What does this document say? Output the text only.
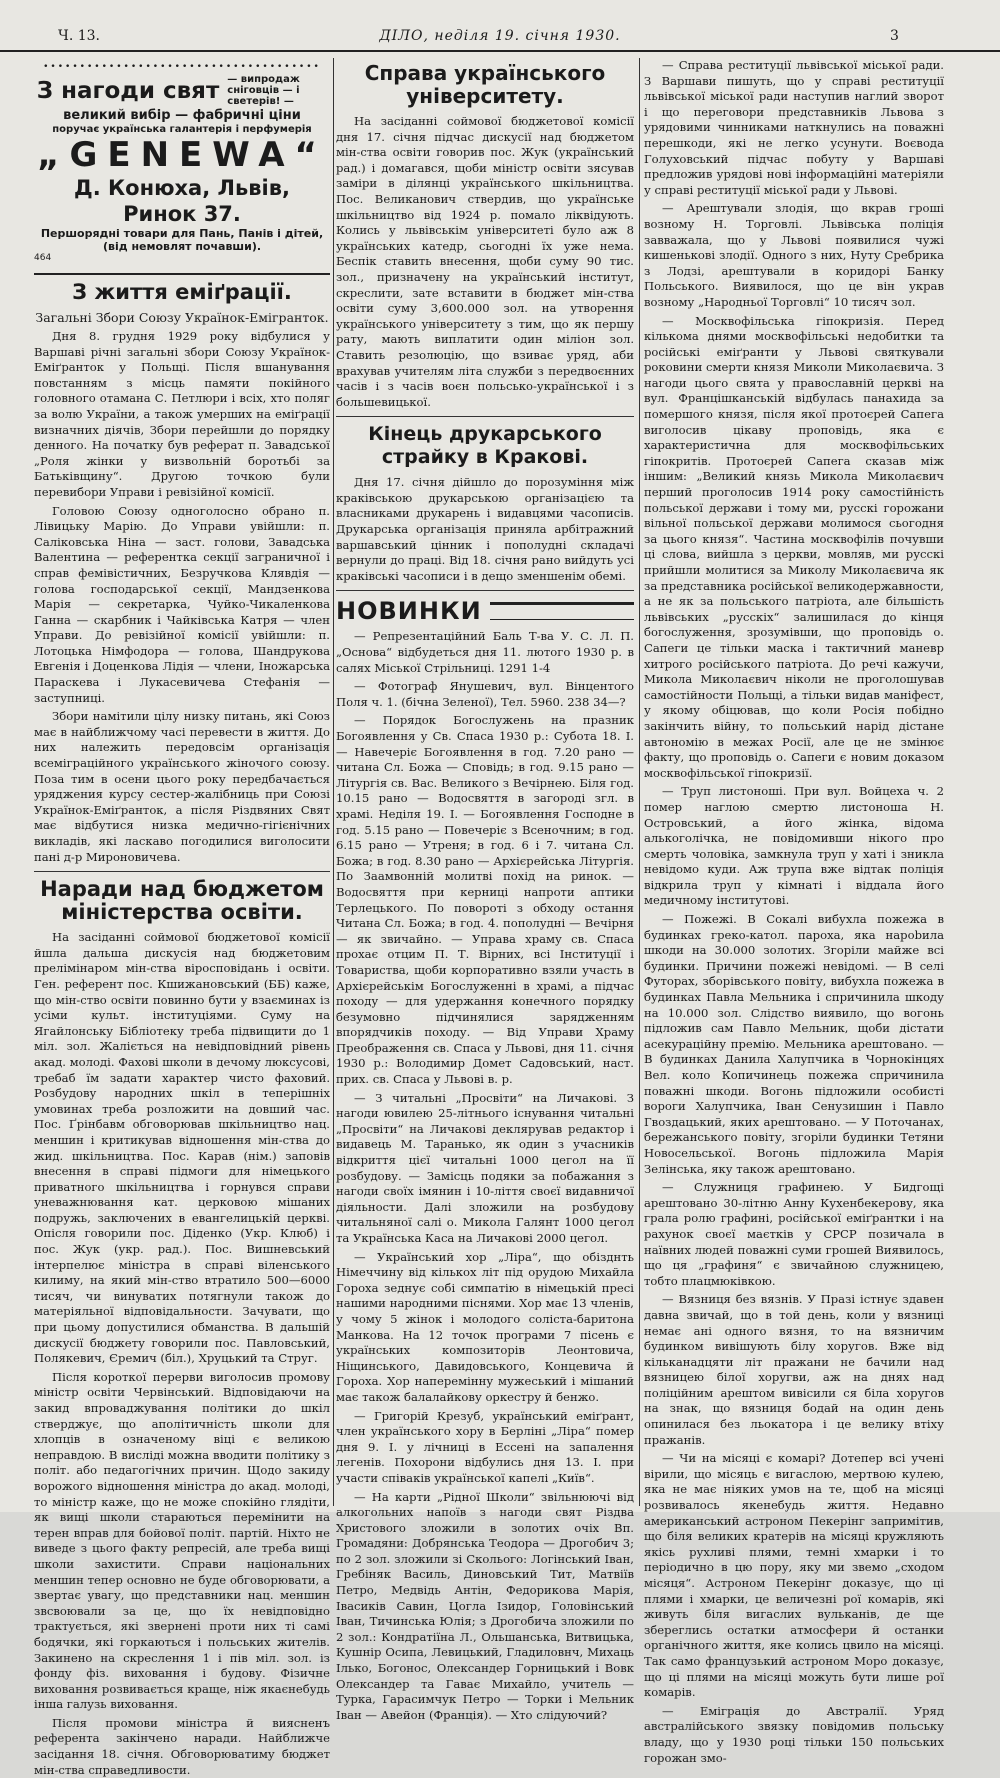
Ч. 13.	ДІЛО, неділя 19. січня 1930.	3
••••••••••••••••••••••••••••••••••••••
З нагоди свят — випродаж сніговців — і светерів! —
великий вибір — фабричні ціни
поручає українська галантерія і перфумерія
„GENEWA“
Д. Конюха, Львів, Ринок 37.
Першорядні товари для Пань, Панів і дітей, (від немовлят почавши).
464
З життя еміґрації.
Загальні Збори Союзу Українок-Емігранток.

Дня 8. грудня 1929 року відбулися у Варшаві річні загальні збори Союзу Українок-Еміґранток у Польщі. Після вшанування повстанням з місць памяти покійного головного отамана С. Петлюри і всіх, хто поляг за волю України, а також умерших на еміґрації визначних діячів, Збори перейшли до порядку денного. На початку був реферат п. Завадської „Роля жінки у визвольній боротьбі за Батьківщину“. Другою точкою були перевибори Управи і ревізійної комісії.

Головою Союзу одноголосно обрано п. Лівицьку Марію. До Управи увійшли: п. Саліковська Ніна — заст. голови, Завадська Валентина — референтка секції заграничної і справ фемівістичних, Безручкова Клявдія — голова господарської секції, Мандзенкова Марія — секретарка, Чуйко-Чикаленкова Ганна — скарбник і Чайківська Катря — член Управи. До ревізійної комісії увійшли: п. Лотоцька Німфодора — голова, Шандрукова Евгенія і Доценкова Лідія — члени, Іножарська Параскева і Лукасевичева Стефанія — заступниці.

Збори намітили цілу низку питань, які Союз має в найближчому часі перевести в життя. До них належить передовсім організація всеміграційного українського жіночого союзу. Поза тим в осени цього року передбачається уряджения курсу сестер-жалібниць при Союзі Українок-Еміґранток, а після Різдвяних Свят має відбутися низка медично-гігієнічних викладів, які ласкаво погодилися виголосити пані д-р Мироновичева.

Наради над бюджетом міністерства освіти.

На засіданні соймової бюджетової комісії йшла дальша дискусія над бюджетовим прелімінаром мін-ства віросповідань і освіти. Ген. референт пос. Кшижановський (ББ) каже, що мін-ство освіти повинно бути у взаєминах із усіми культ. інституціями. Суму на Ягайлонську Бібліотеку треба підвищити до 1 міл. зол. Жаліється на невідповідний рівень акад. молоді. Фахові школи в дечому люксусові, требаб їм задати характер чисто фаховий. Розбудову народних шкіл в теперішніх умовинах треба розложити на довший час. Пос. Ґрінбавм обговорював шкільництво нац. меншин і критикував відношення мін-ства до жид. шкільництва. Пос. Карав (нім.) заповів внесення в справі підмоги для німецького приватного шкільництва і горнувся справи уневажнювання кат. церковою мішаних подружь, заключених в евангелицькій церкві. Опісля говорили пос. Діденко (Укр. Клюб) і пос. Жук (укр. рад.). Пос. Вишневський інтерпелює міністра в справі віленського килиму, на який мін-ство втратило 500—6000 тисяч, чи винуватих потягнули також до матеріяльної відповідальности. Зачувати, що при цьому допустилися обманства. В дальшій дискусії бюджету говорили пос. Павловський, Полякевич, Єремич (біл.), Хруцький та Струг.

Після короткої перерви виголосив промову міністр освіти Червінський. Відповідаючи на закид впроваджування політики до шкіл стверджує, що аполітичність школи для хлопців в означеному віці є великою неправдою. В висліді можна вводити політику з політ. або педагогічних причин. Щодо закиду ворожого відношення міністра до акад. молоді, то міністр каже, що не може спокійно глядіти, як вищі школи стараються перемінити на терен вправ для бойової політ. партій. Ніхто не виведе з цього факту репресій, але треба вищі школи захистити. Справи національних меншин тепер основно не буде обговорювати, а звертає увагу, що представники нац. меншин звсвоювали за це, що їх невідповідно трактується, які звернені проти них ті самі бодячки, які горкаються і польських жителів. Закинено на скреслення 1 і пів міл. зол. із фонду фіз. виховання і будову. Фізичне виховання розвивається краще, ніж якаєнебудь інша галузь виховання.

Після промови міністра й виясненъ референта закінчено наради. Найближче засідання 18. січня. Обговорюватиму бюджет мін-ства справедливости.

Справа українського університету.

На засіданні соймової бюджетової комісії дня 17. січня підчас дискусії над бюджетом мін-ства освіти говорив пос. Жук (український рад.) і домагався, щоби міністр освіти зясував заміри в ділянці українського шкільництва. Пос. Великанович ствердив, що українське шкільництво від 1924 р. помало ліквідують. Колись у львівськім університеті було аж 8 українських катедр, сьогодні їх уже нема. Беспік ставить внесення, щоби суму 90 тис. зол., призначену на український інститут, скреслити, зате вставити в бюджет мін-ства освіти суму 3,600.000 зол. на утворення українського університету з тим, що як першу рату, мають виплатити один міліон зол. Ставить резолюцію, що взиває уряд, аби врахував учителям літа служби з передвоєнних часів і з часів воєн польсько-української і з большевицької.

Кінець друкарського страйку в Кракові.

Дня 17. січня дійшло до порозуміння між краківською друкарською організацією та власниками друкарень і видавцями часописів. Друкарська організація приняла арбітражний варшавський цінник і пополудні складачі вернули до праці. Від 18. січня рано вийдуть усі краківські часописи і в дещо зменшенім обемі.

НОВИНКИ

— Репрезентаційний Баль Т-ва У. С. Л. П. „Основа“ відбудеться дня 11. лютого 1930 р. в салях Міської Стрільниці. 1291 1-4

— Фотограф Янушевич, вул. Вінцентого Поля ч. 1. (бічна Зеленої), Тел. 5960. 238 34—?

— Порядок Богослужень на празник Богоявлення у Св. Спаса 1930 р.: Субота 18. І. — Навечеріє Богоявлення в год. 7.20 рано — читана Сл. Божа — Сповідь; в год. 9.15 рано — Літургія св. Вас. Великого з Вечірнею. Біля год. 10.15 рано — Водосвяття в загороді згл. в храмі. Неділя 19. І. — Богоявлення Господне в год. 5.15 рано — Повечеріє з Всеночним; в год. 6.15 рано — Утреня; в год. 6 і 7. читана Сл. Божа; в год. 8.30 рано — Архієрейська Літургія. По Заамвонній молитві похід на ринок. — Водосвяття при керниці напроти аптики Терлецького. По повороті з обходу остання Читана Сл. Божа; в год. 4. пополудні — Вечірня — як звичайно. — Управа храму св. Спаса прохає отцим П. Т. Вірних, всі Інституції і Товариства, щоби корпоративно взяли участь в Архієрейськім Богослуженні в храмі, а підчас походу — для удержання конечного порядку безумовно підчинялися зарядженням впорядчиків походу. — Від Управи Храму Преображення св. Спаса у Львові, дня 11. січня 1930 р.: Володимир Домет Садовський, наст. прих. св. Спаса у Львові в. р.

— З читальні „Просвіти“ на Личакові. З нагоди ювилею 25-літнього існування читальні „Просвіти“ на Личакові деклярував редактор і видавець М. Таранько, як один з учасників відкриття цієї читальні 1000 цегол на її розбудову. — Замісць подяки за побажання з нагоди своїх імянин і 10-ліття своєї видавничої діяльности. Далі зложили на розбудову читальняної салі о. Микола Галянт 1000 цегол та Українська Каса на Личакові 2000 цегол.

— Український хор „Ліра“, що обізднть Німеччину від кількох літ під орудою Михайла Гороха зеднує собі симпатію в німецькій пресі нашими народними піснями. Хор має 13 членів, у чому 5 жінок і молодого соліста-баритона Манкова. На 12 точок програми 7 пісень є українських композиторів Леонтовича, Ніщинського, Давидовського, Концевича й Гороха. Хор наперемінну мужеський і мішаний має також балалайкову оркестру й бенжо.

— Григорій Крезуб, український еміґрант, член українського хору в Берліні „Ліра“ помер дня 9. І. у лічниці в Ессені на запалення легенів. Похорони відбулись дня 13. І. при участи співаків української капелі „Київ“.

— На карти „Рідної Школи“ звільнюючі від алкогольних напоїв з нагоди свят Різдва Христового зложили в золотих очіх Вп. Громадяни: Добрянська Теодора — Дрогобич 3; по 2 зол. зложили зі Сколього: Логінський Іван, Гребіняк Василь, Диновський Тит, Матвіїв Петро, Медвідь Антін, Федорикова Марія, Івасиків Савин, Цогла Ізидор, Головінський Іван, Тичинська Юлія; з Дрогобича зложили по 2 зол.: Кондратіїна Л., Ольшанська, Витвицька, Кушнір Осипа, Левицький, Гладиловнч, Михаць Ілько, Богонос, Олександер Горницький і Вовк Олександер та Гаває Михайло, учитель — Турка, Гарасимчук Петро — Торки і Мельник Іван — Авейон (Франція). — Хто слідуючий?

— Справа реституції львівської міської ради. З Варшави пишуть, що у справі реституції львівської міської ради наступив наглий зворот і що переговори представників Львова з урядовими чинниками наткнулись на поважні перешкоди, які не легко усунути. Воєвода Голуховський підчас побуту у Варшаві предложив урядові нові інформаційні матеріяли у справі реституції міської ради у Львові.

— Арештували злодія, що вкрав гроші возному Н. Торговлі. Львівська поліція завважала, що у Львові появилися чужі кишенькові злодії. Одного з них, Нуту Сребрика з Лодзі, арештували в коридорі Банку Польського. Виявилося, що це він украв возному „Народньої Торговлі“ 10 тисяч зол.

— Москвофільська гіпокризія. Перед кількома днями москвофільські недобитки та російські еміґранти у Львові святкували роковини смерти князя Миколи Миколаєвича. З нагоди цього свята у православній церкві на вул. Францішканській відбулась панахида за помершого князя, після якої протоєрей Сапега виголосив цікаву проповідь, яка є характеристична для москвофільських гіпокритів. Протоєрей Сапега сказав між іншим: „Великий князь Микола Миколаєвич перший проголосив 1914 року самостійність польської держави і тому ми, русскі горожани вільної польської держави молимося сьогодня за цього князя“. Частина москвофілів почувши ці слова, вийшла з церкви, мовляв, ми русскі прийшли молитися за Миколу Миколаєвича як за представника російської великодержавности, а не як за польського патріота, але більшість львівських „русскіх“ залишилася до кінця богослуження, зрозумівши, що проповідь о. Сапеги це тільки маска і тактичний маневр хитрого російського патріота. До речі кажучи, Микола Миколаєвич ніколи не проголошував самостійности Польщі, а тільки видав маніфест, у якому обіцював, що коли Росія побідно закінчить війну, то польський нарід дістане автономію в межах Росії, але це не змінює факту, що проповідь о. Сапеги є новим доказом москвофільської гіпокризії.

— Труп листоноші. При вул. Войцеха ч. 2 помер наглою смертю листоноша Н. Островський, а його жінка, відома алькоголічка, не повідомивши нікого про смерть чоловіка, замкнула труп у хаті і зникла невідомо куди. Аж трупа вже відтак поліція відкрила труп у кімнаті і віддала його медичному інститутові.

— Пожежі. В Сокалі вибухла пожежа в будинках греко-катол. пароха, яка нарobила шкоди на 30.000 золотих. Згоріли майже всі будинки. Причини пожежі невідомі. — В селі Футорах, зборівського повіту, вибухла пожежа в будинках Павла Мельника і спричинила шкоду на 10.000 зол. Слідство виявило, що вогонь підложив сам Павло Мельник, щоби дістати асекураційну премію. Мельника арештовано. — В будинках Данила Халупчика в Чорнокінцях Вел. коло Копичинець пожежа спричинила поважні шкоди. Вогонь підложили особисті вороги Халупчика, Іван Сенузишин і Павло Гвоздацький, яких арештовано. — У Поточанах, бережанського повіту, згоріли будинки Тетяни Новосельської. Вогонь підложила Марія Зелінська, яку також арештовано.

— Служниця графинею. У Бидгощі арештовано 30-літню Анну Кухенбекерову, яка грала ролю графині, російської еміґрантки і на рахунок своєї маєтків у СРСР позичала в наївних людей поважні суми грошей Виявилось, що ця „графиня“ є звичайною служницею, тобто плацмюківкою.

— Вязниця без вязнів. У Празі істнує здавен давна звичай, що в той день, коли у вязниці немає ані одного вязня, то на вязничим будинком вивішують білу хоругов. Вже від кільканадцяти літ пражани не бачили над вязницею білої хоругви, аж на днях над поліційним арештом вивісили ся біла хоругов на знак, що вязниця бодай на один день опинилася без льокатора і це велику втіху пражанів.

— Чи на місяці є комарі? Дотепер всі учені вірили, що місяць є вигаслою, мертвою кулею, яка не має ніяких умов на те, щоб на місяці розвивалось якенебудь життя. Недавно американський астроном Пекерінг запримітив, що біля великих кратерів на місяці кружляють якісь рухливі плями, темні хмарки і то періодично в цю пору, яку ми звемо „сходом місяця“. Астроном Пекерінг доказує, що ці плями і хмарки, це величезні рої комарів, які живуть біля вигаслих вульканів, де ще збереглись остатки атмосфери й останки органічного життя, яке колись цвило на місяці. Так само французький астроном Моро доказує, що ці плями на місяці можуть бути лише рої комарів.

— Еміграція до Австралії. Уряд австралійського звязку повідомив польську владу, що у 1930 році тільки 150 польських горожан змо-
